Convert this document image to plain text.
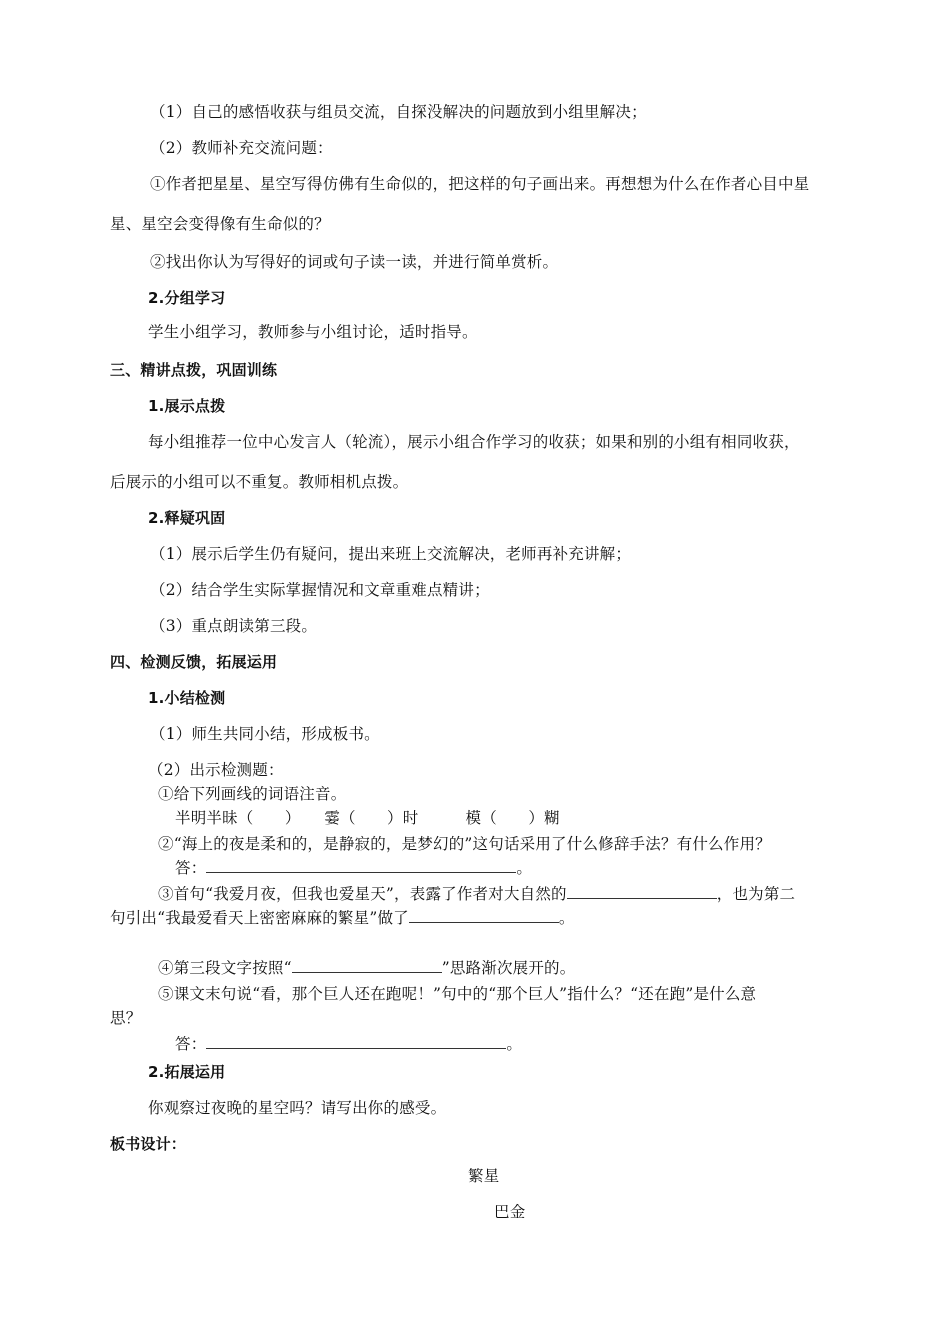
（1）自己的感悟收获与组员交流，自探没解决的问题放到小组里解决；
（2）教师补充交流问题：
①作者把星星、星空写得仿佛有生命似的，把这样的句子画出来。再想想为什么在作者心目中星
星、星空会变得像有生命似的？
②找出你认为写得好的词或句子读一读，并进行简单赏析。
2.分组学习
学生小组学习，教师参与小组讨论，适时指导。
三、精讲点拨，巩固训练
1.展示点拨
每小组推荐一位中心发言人（轮流），展示小组合作学习的收获；如果和别的小组有相同收获，
后展示的小组可以不重复。教师相机点拨。
2.释疑巩固
（1）展示后学生仍有疑问，提出来班上交流解决，老师再补充讲解；
（2）结合学生实际掌握情况和文章重难点精讲；
（3）重点朗读第三段。
四、检测反馈，拓展运用
1.小结检测
（1）师生共同小结，形成板书。
（2）出示检测题：
①给下列画线的词语注音。
半明半昧（　　）　　霎（　　）时　　　模（　　）糊
②“海上的夜是柔和的，是静寂的，是梦幻的”这句话采用了什么修辞手法？有什么作用？
答：	。
③首句“我爱月夜，但我也爱星天”，表露了作者对大自然的	，也为第二
句引出“我最爱看天上密密麻麻的繁星”做了	。
④第三段文字按照“	”思路渐次展开的。
⑤课文末句说“看，那个巨人还在跑呢！”句中的“那个巨人”指什么？“还在跑”是什么意
思？
答：	。
2.拓展运用
你观察过夜晚的星空吗？请写出你的感受。
板书设计：
繁星
巴金
